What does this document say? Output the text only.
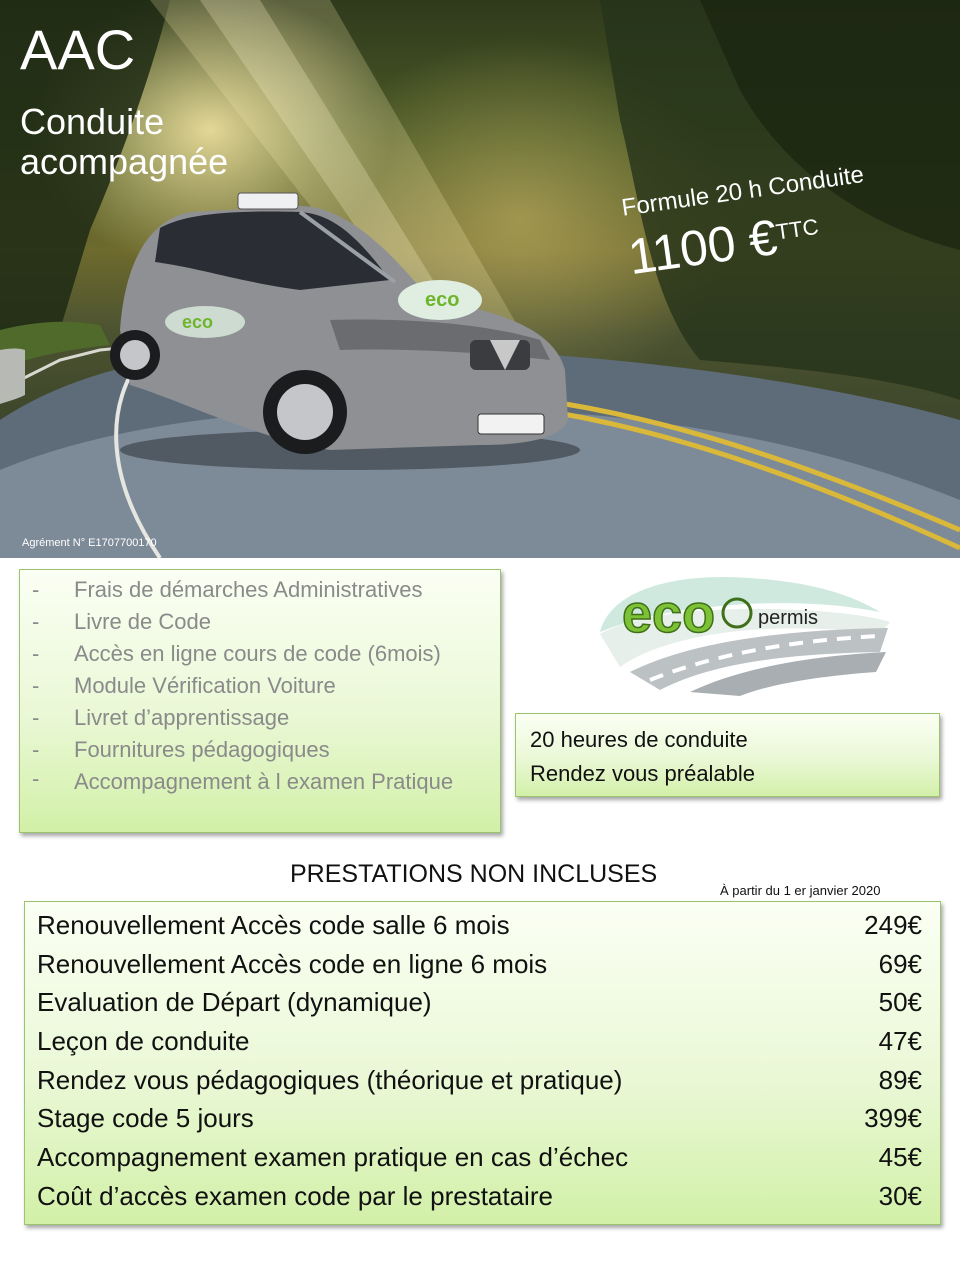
eco
eco
AAC
Conduite acompagnée	Formule 20 h Conduite
1100 €TTC
Agrément N° E1707700170
- Frais de démarches Administratives
- Livre de Code
- Accès en ligne cours de code (6mois)
- Module Vérification Voiture
- Livret d’apprentissage
- Fournitures pédagogiques
- Accompagnement à l examen Pratique
eco permis
20 heures de conduite
Rendez vous préalable
PRESTATIONS NON INCLUSES
À partir du 1 er janvier 2020
Renouvellement Accès code salle 6 mois	249€
Renouvellement Accès code en ligne 6 mois	69€
Evaluation de Départ (dynamique)	50€
Leçon de conduite	47€
Rendez vous pédagogiques (théorique et pratique)	89€
Stage code 5 jours	399€
Accompagnement examen pratique en cas d’échec	45€
Coût d’accès examen code par le prestataire	30€
